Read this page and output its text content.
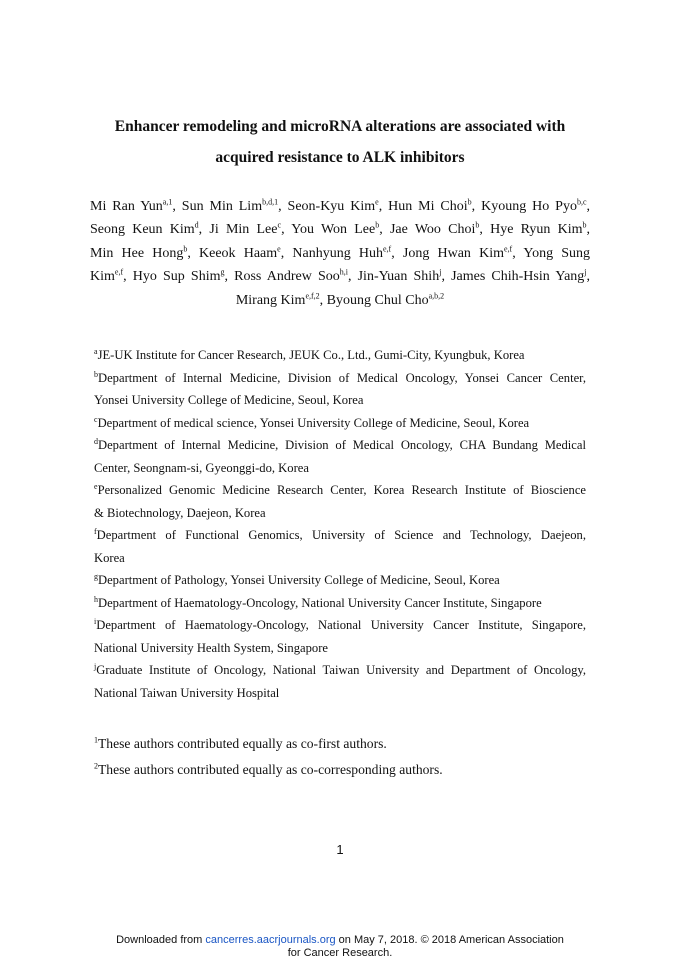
Enhancer remodeling and microRNA alterations are associated with
acquired resistance to ALK inhibitors
Mi Ran Yun$^{a,1}$, Sun Min Lim$^{b,d,1}$, Seon-Kyu Kim$^e$, Hun Mi Choi$^b$, Kyoung Ho Pyo$^{b,c}$,
Seong Keun Kim$^d$, Ji Min Lee$^c$, You Won Lee$^b$, Jae Woo Choi$^b$, Hye Ryun Kim$^b$,
Min Hee Hong$^b$, Keeok Haam$^e$, Nanhyung Huh$^{e,f}$, Jong Hwan Kim$^{e,f}$, Yong Sung
Kim$^{e,f}$, Hyo Sup Shim$^g$, Ross Andrew Soo$^{h,i}$, Jin-Yuan Shih$^j$, James Chih-Hsin Yang$^j$,
Mirang Kim$^{e,f,2}$, Byoung Chul Cho$^{a,b,2}$
$^a$JE-UK Institute for Cancer Research, JEUK Co., Ltd., Gumi-City, Kyungbuk, Korea
$^b$Department of Internal Medicine, Division of Medical Oncology, Yonsei Cancer Center,
Yonsei University College of Medicine, Seoul, Korea
$^c$Department of medical science, Yonsei University College of Medicine, Seoul, Korea
$^d$Department of Internal Medicine, Division of Medical Oncology, CHA Bundang Medical
Center, Seongnam-si, Gyeonggi-do, Korea
$^e$Personalized Genomic Medicine Research Center, Korea Research Institute of Bioscience
& Biotechnology, Daejeon, Korea
$^f$Department of Functional Genomics, University of Science and Technology, Daejeon,
Korea
$^g$Department of Pathology, Yonsei University College of Medicine, Seoul, Korea
$^h$Department of Haematology-Oncology, National University Cancer Institute, Singapore
$^i$Department of Haematology-Oncology, National University Cancer Institute, Singapore,
National University Health System, Singapore
$^j$Graduate Institute of Oncology, National Taiwan University and Department of Oncology,
National Taiwan University Hospital
$^1$These authors contributed equally as co-first authors.
$^2$These authors contributed equally as co-corresponding authors.
1
Downloaded from cancerres.aacrjournals.org on May 7, 2018. © 2018 American Association
for Cancer Research.
